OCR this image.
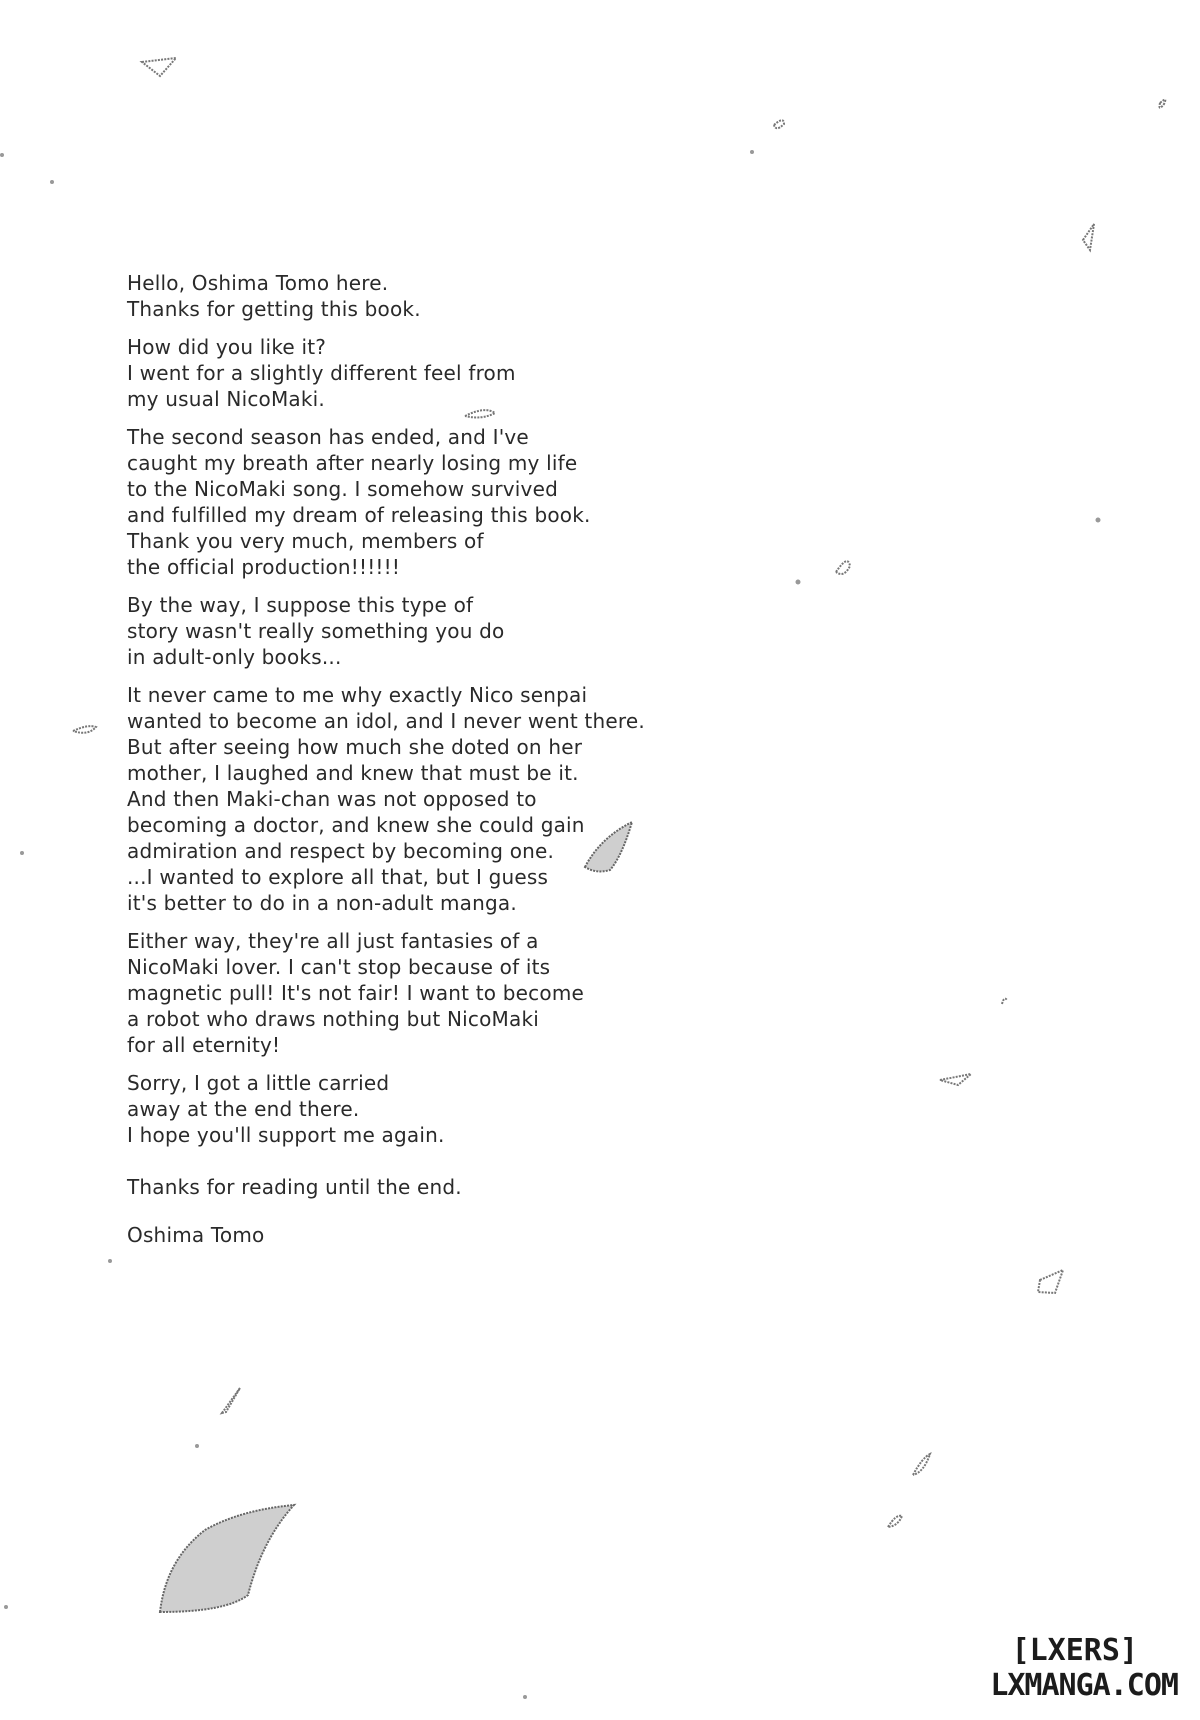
Hello, Oshima Tomo here.
Thanks for getting this book.
How did you like it?
I went for a slightly different feel from
my usual NicoMaki.
The second season has ended, and I've
caught my breath after nearly losing my life
to the NicoMaki song. I somehow survived
and fulfilled my dream of releasing this book.
Thank you very much, members of
the official production!!!!!!
By the way, I suppose this type of
story wasn't really something you do
in adult-only books...
It never came to me why exactly Nico senpai
wanted to become an idol, and I never went there.
But after seeing how much she doted on her
mother, I laughed and knew that must be it.
And then Maki-chan was not opposed to
becoming a doctor, and knew she could gain
admiration and respect by becoming one.
...I wanted to explore all that, but I guess
it's better to do in a non-adult manga.
Either way, they're all just fantasies of a
NicoMaki lover. I can't stop because of its
magnetic pull! It's not fair! I want to become
a robot who draws nothing but NicoMaki
for all eternity!
Sorry, I got a little carried
away at the end there.
I hope you'll support me again.
Thanks for reading until the end.
Oshima Tomo
[LXERS]
LXMANGA.COM
